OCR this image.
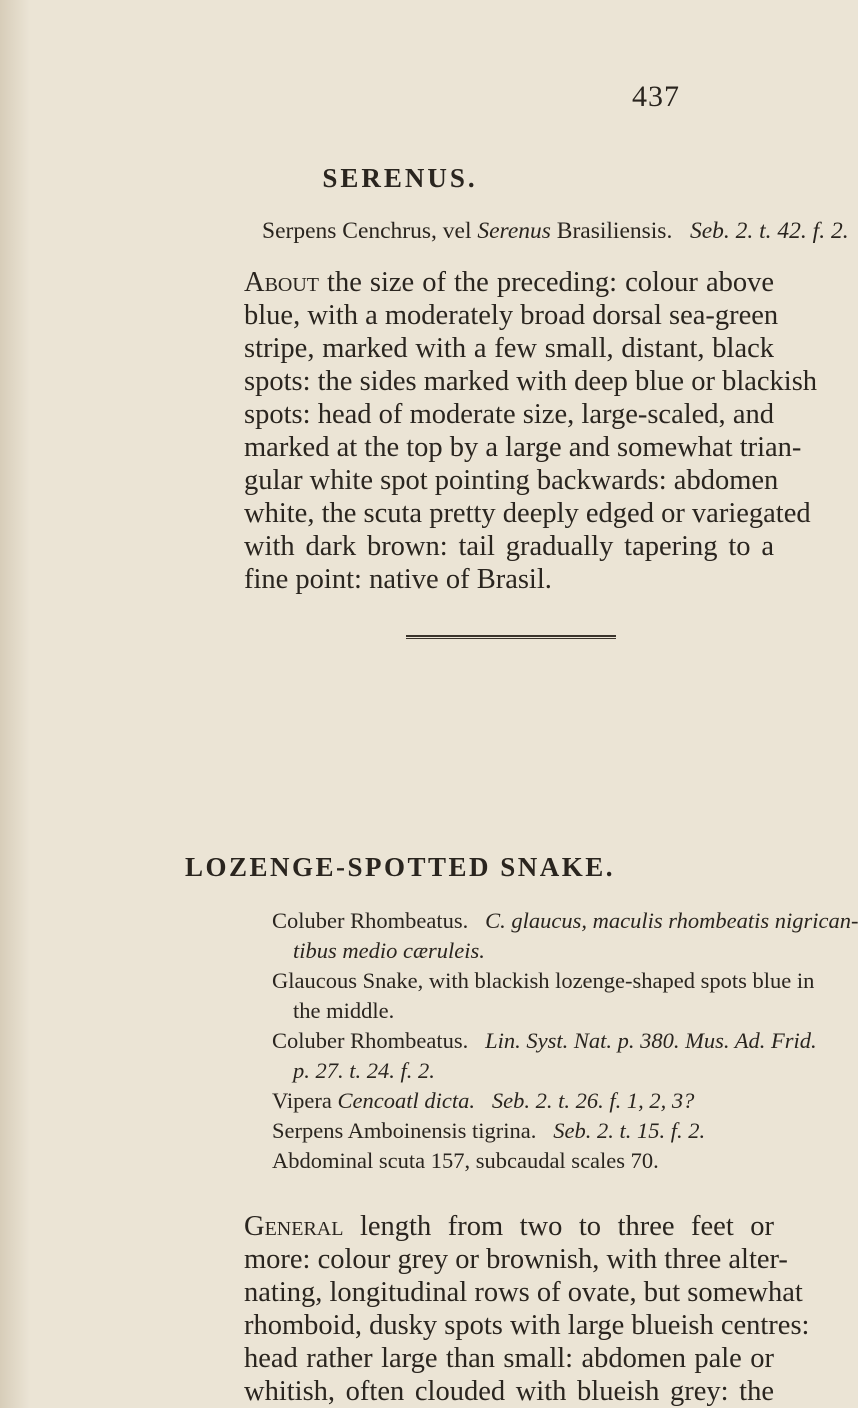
437
SERENUS.
Serpens Cenchrus, vel Serenus Brasiliensis. Seb. 2. t. 42. f. 2.
About the size of the preceding: colour above
blue, with a moderately broad dorsal sea-green
stripe, marked with a few small, distant, black
spots: the sides marked with deep blue or blackish
spots: head of moderate size, large-scaled, and
marked at the top by a large and somewhat trian-
gular white spot pointing backwards: abdomen
white, the scuta pretty deeply edged or variegated
with dark brown: tail gradually tapering to a
fine point: native of Brasil.
LOZENGE-SPOTTED SNAKE.
Coluber Rhombeatus. C. glaucus, maculis rhombeatis nigrican-
tibus medio cæruleis.
Glaucous Snake, with blackish lozenge-shaped spots blue in
the middle.
Coluber Rhombeatus. Lin. Syst. Nat. p. 380. Mus. Ad. Frid.
p. 27. t. 24. f. 2.
Vipera Cencoatl dicta. Seb. 2. t. 26. f. 1, 2, 3?
Serpens Amboinensis tigrina. Seb. 2. t. 15. f. 2.
Abdominal scuta 157, subcaudal scales 70.
General length from two to three feet or
more: colour grey or brownish, with three alter-
nating, longitudinal rows of ovate, but somewhat
rhomboid, dusky spots with large blueish centres:
head rather large than small: abdomen pale or
whitish, often clouded with blueish grey: the
